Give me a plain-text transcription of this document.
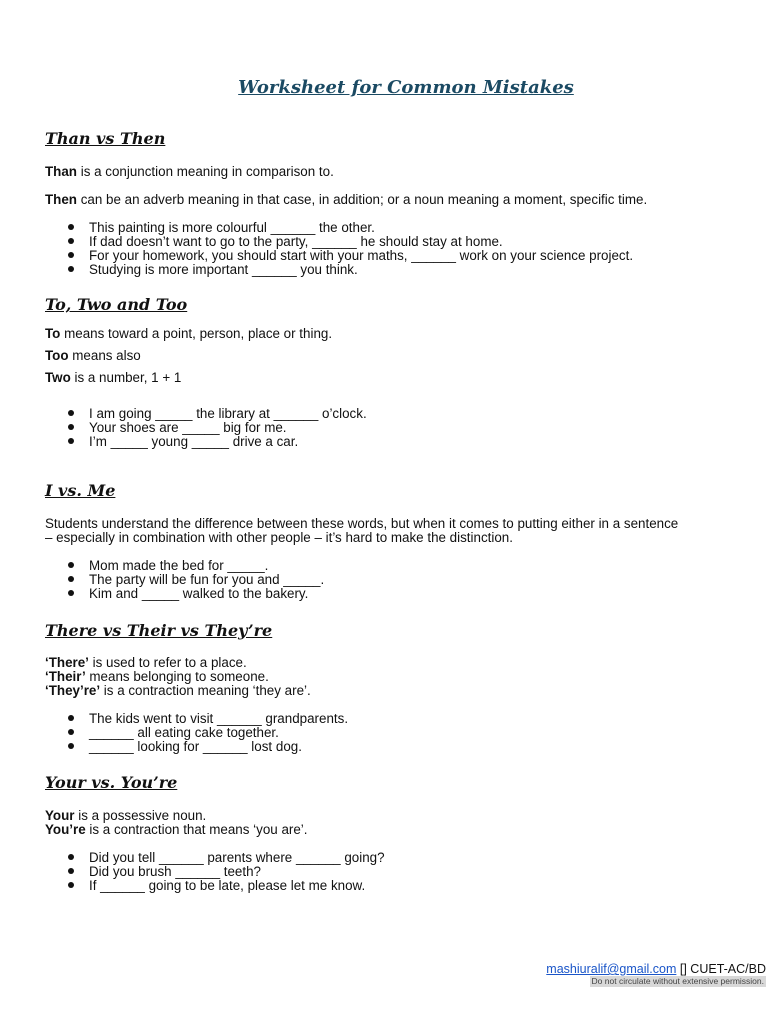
Worksheet for Common Mistakes
Than vs Then
Than is a conjunction meaning in comparison to.
Then can be an adverb meaning in that case, in addition; or a noun meaning a moment, specific time.
This painting is more colourful ______ the other.
If dad doesn’t want to go to the party, ______ he should stay at home.
For your homework, you should start with your maths, ______ work on your science project.
Studying is more important ______ you think.
To, Two and Too
To means toward a point, person, place or thing.
Too means also
Two is a number, 1 + 1
I am going _____ the library at ______ o’clock.
Your shoes are _____ big for me.
I’m _____ young _____ drive a car.
I vs. Me
Students understand the difference between these words, but when it comes to putting either in a sentence
– especially in combination with other people – it’s hard to make the distinction.
Mom made the bed for _____.
The party will be fun for you and _____.
Kim and _____ walked to the bakery.
There vs Their vs They’re
‘There’ is used to refer to a place.
‘Their’ means belonging to someone.
‘They’re’ is a contraction meaning ‘they are’.
The kids went to visit ______ grandparents.
______ all eating cake together.
______ looking for ______ lost dog.
Your vs. You’re
Your is a possessive noun.
You’re is a contraction that means ‘you are’.
Did you tell ______ parents where ______ going?
Did you brush ______ teeth?
If ______ going to be late, please let me know.
mashiuralif@gmail.com [] CUET-AC/BD
Do not circulate without extensive permission.
